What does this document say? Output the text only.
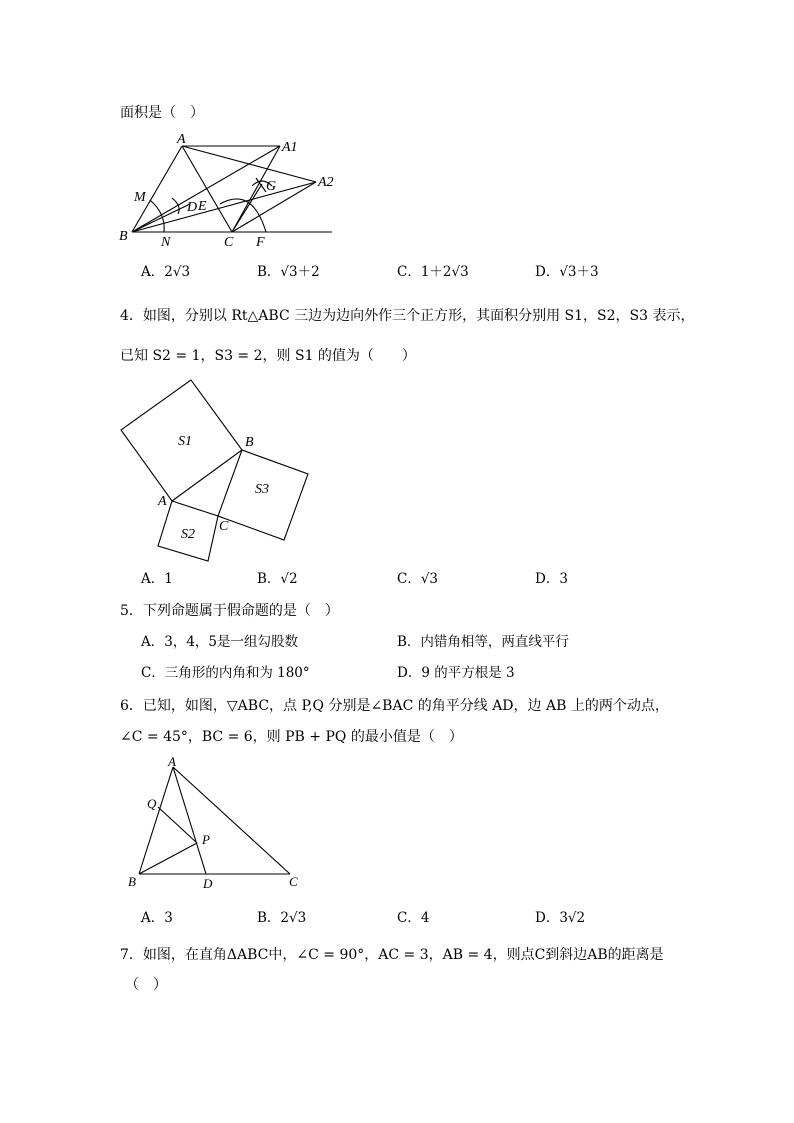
面积是（　）
A
A1
A2
M
D E
G
B N	C F
A．2√3	B．√3＋2	C．1＋2√3	D．√3＋3
4．如图，分别以 Rt△ABC 三边为边向外作三个正方形，其面积分别用 S1，S2，S3 表示，
已知 S2 = 1，S3 = 2，则 S1 的值为（　　）
S1	B
S3
A
C
S2
A．1	B．√2	C．√3	D．3
5．下列命题属于假命题的是（　）
A．3，4，5是一组勾股数	B．内错角相等，两直线平行
C．三角形的内角和为 180°	D．9 的平方根是 3
6．已知，如图，▽ABC，点 P,Q 分别是∠BAC 的角平分线 AD，边 AB 上的两个动点，
∠C = 45°，BC = 6，则 PB + PQ 的最小值是（　）
A
Q
P
B	D	C
A．3	B．2√3	C．4	D．3√2
7．如图，在直角ΔABC中，∠C = 90°，AC = 3，AB = 4，则点C到斜边AB的距离是
（　）
